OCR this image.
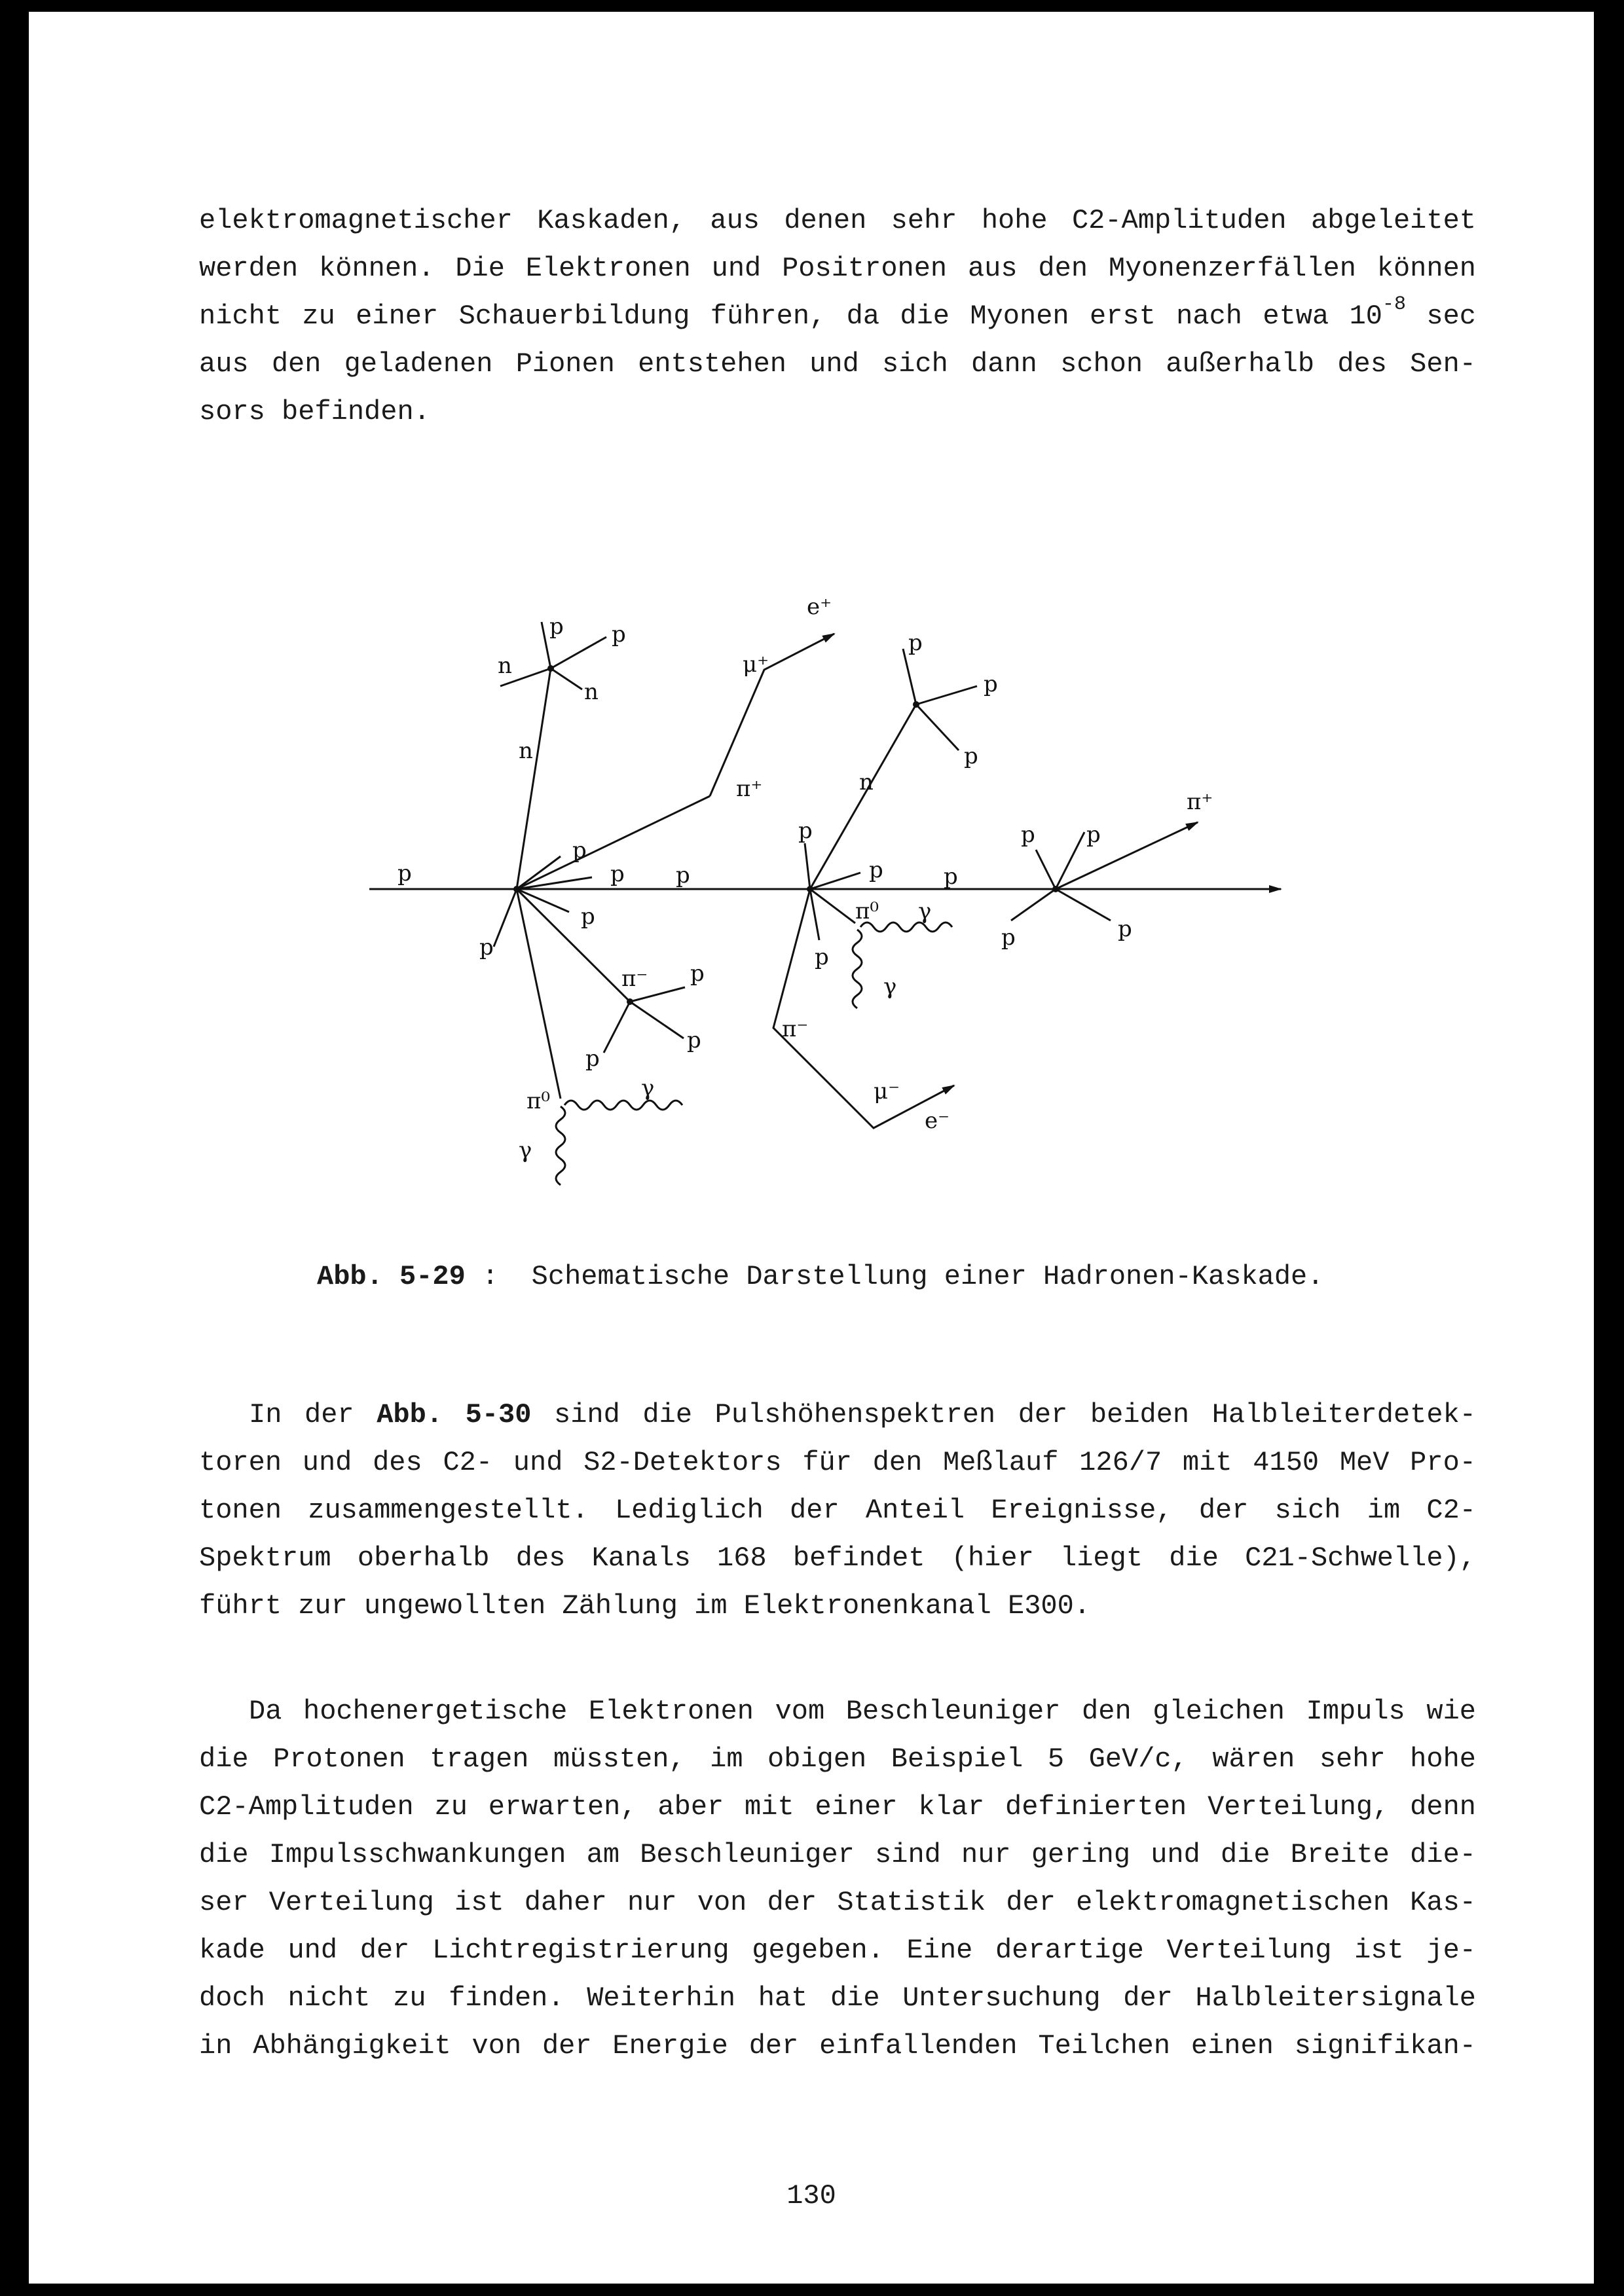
elektromagnetischer Kaskaden, aus denen sehr hohe C2-Amplituden abgeleitet
werden können. Die Elektronen und Positronen aus den Myonenzerfällen können
nicht zu einer Schauerbildung führen, da die Myonen erst nach etwa $10^{-8}$ sec
aus den geladenen Pionen entstehen und sich dann schon außerhalb des Sen-
sors befinden.
p
p
p
p
p
p	p
n
n
p p
n
π⁺
μ⁺
e⁺
π⁻ p
p
p
π⁰	γ
γ
n
p
p
p
p
p
p
π⁰ γ
γ
π⁻
μ⁻
e⁻
p p
p	p
π⁺
Abb. 5-29 :  Schematische Darstellung einer Hadronen-Kaskade.
In der Abb. 5-30 sind die Pulshöhenspektren der beiden Halbleiterdetek-
toren und des C2- und S2-Detektors für den Meßlauf 126/7 mit 4150 MeV Pro-
tonen zusammengestellt. Lediglich der Anteil Ereignisse, der sich im C2-
Spektrum oberhalb des Kanals 168 befindet (hier liegt die C21-Schwelle),
führt zur ungewollten Zählung im Elektronenkanal E300.
Da hochenergetische Elektronen vom Beschleuniger den gleichen Impuls wie
die Protonen tragen müssten, im obigen Beispiel 5 GeV/c, wären sehr hohe
C2-Amplituden zu erwarten, aber mit einer klar definierten Verteilung, denn
die Impulsschwankungen am Beschleuniger sind nur gering und die Breite die-
ser Verteilung ist daher nur von der Statistik der elektromagnetischen Kas-
kade und der Lichtregistrierung gegeben. Eine derartige Verteilung ist je-
doch nicht zu finden. Weiterhin hat die Untersuchung der Halbleitersignale
in Abhängigkeit von der Energie der einfallenden Teilchen einen signifikan-
130
